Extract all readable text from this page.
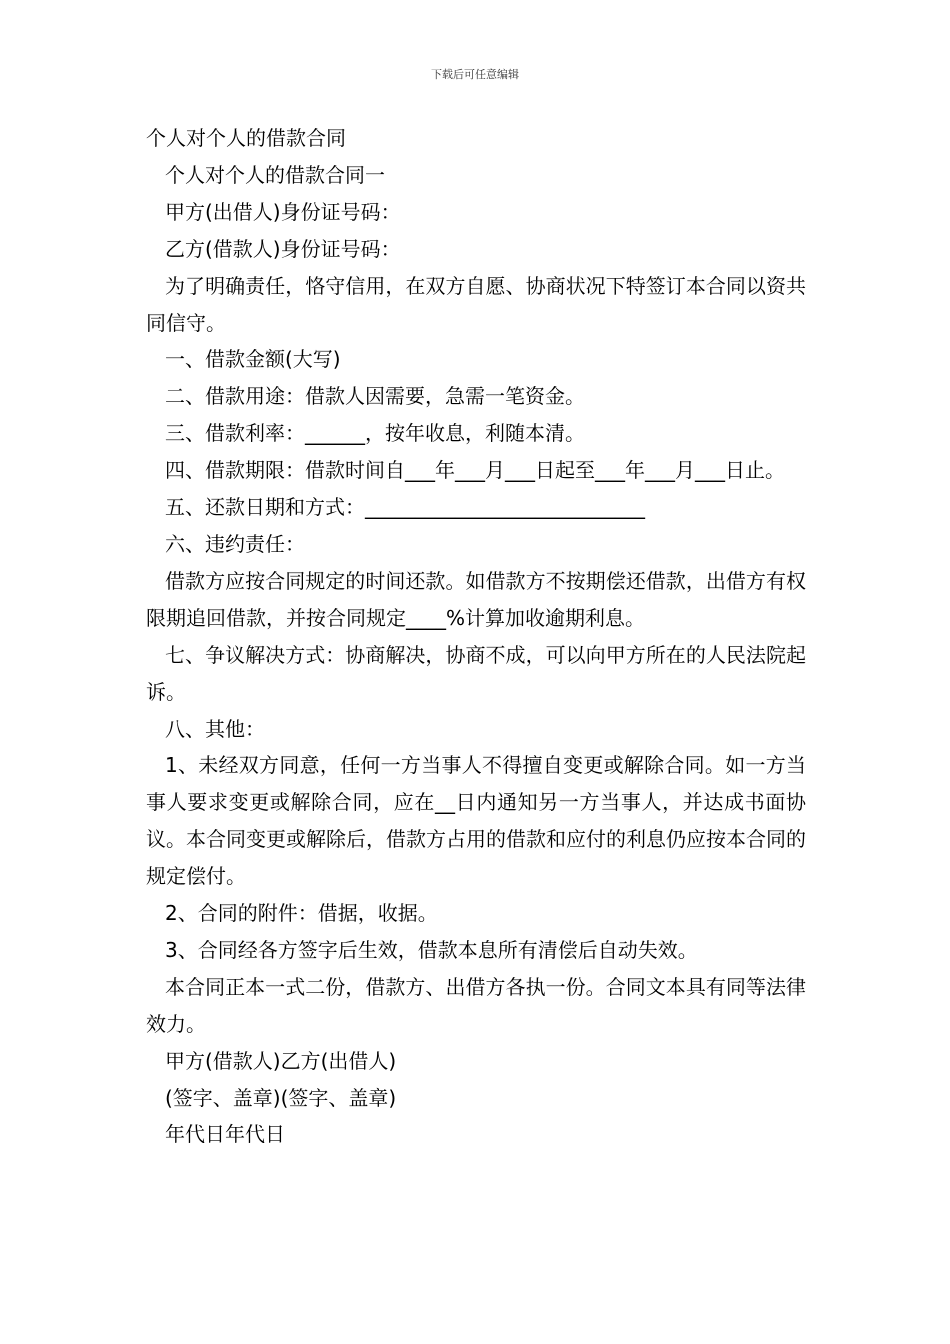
下载后可任意编辑

个人对个人的借款合同

个人对个人的借款合同一

甲方(出借人)身份证号码：

乙方(借款人)身份证号码：

为了明确责任，恪守信用，在双方自愿、协商状况下特签订本合同以资共同信守。

一、借款金额(大写)

二、借款用途：借款人因需要，急需一笔资金。

三、借款利率：______，按年收息，利随本清。

四、借款期限：借款时间自___年___月___日起至___年___月___日止。

五、还款日期和方式：____________________________

六、违约责任：

借款方应按合同规定的时间还款。如借款方不按期偿还借款，出借方有权限期追回借款，并按合同规定____%计算加收逾期利息。

七、争议解决方式：协商解决，协商不成，可以向甲方所在的人民法院起诉。

八、其他：

1、未经双方同意，任何一方当事人不得擅自变更或解除合同。如一方当事人要求变更或解除合同，应在__日内通知另一方当事人，并达成书面协议。本合同变更或解除后，借款方占用的借款和应付的利息仍应按本合同的规定偿付。

2、合同的附件：借据，收据。

3、合同经各方签字后生效，借款本息所有清偿后自动失效。

本合同正本一式二份，借款方、出借方各执一份。合同文本具有同等法律效力。

甲方(借款人)乙方(出借人)

(签字、盖章)(签字、盖章)

年代日年代日
